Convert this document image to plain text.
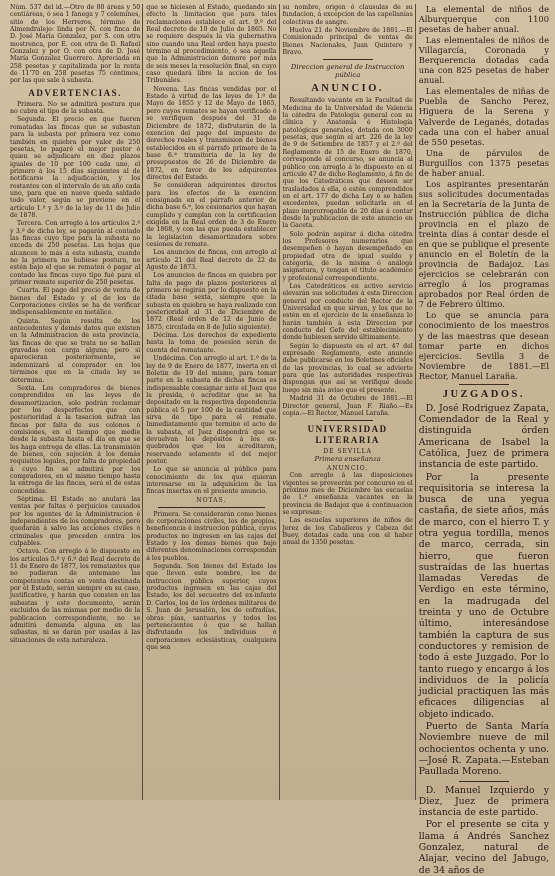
Núm. 537 del id.—Otro de 80 áreas y 50 centiáreas, ó sea 1 fanega y 7 celemines, sitio de los Herreros, término de Almendralejo: linda por N. con finca de D. José María Gonzalez, por S. con otra mostrenca, por E. con otra de D. Rafael Gonzalez y por O. con otra de D. José María Gonzalez Guerrero. Apreciada en 258 pesetas y capitalizada por la renta de 11'70 en 258 pesetas 75 céntimos, por las que sale á subasta.

ADVERTENCIAS.

Primera. No se admitirá postura que no cubra el tipo de la subasta.

Segunda. El precio en que fueren rematadas las fincas que se subastan para la subasta por primera vez como también en quiebra por valor de 250 pesetas, lo pagaré el mejor postor ó quien se adjudicare en diez plazos iguales de 10 por 100 cada uno, el primero á los 15 días siguientes al de notificarse la adjudicación, y los restantes con el intervalo de un año cada uno, para que en nueve queda saldado todo valor, según se previene en el artículo 1.º y 3.º de la ley de 11 de Julio de 1878.

Tercera. Con arreglo á los artículos 2.º y 3.º de dicha ley, se pagarán al contado las fincas cuyo tipo para la subasta no exceda de 250 pesetas. Las hojas que alcancen lo más á esta subasta, cuando no la primera no hubiese postura, no estén bajo el que se rematen ó pagar al contado las fincas cuyo tipo fué para el primer remate superior de 250 pesetas.

Cuarta. El pago del precio de venta de bienes del Estado y el de los de Corporaciones civiles se ha de verificar indispensablemente en metálico.

Quinta. Según resulta de los antecedentes y demás datos que existen en la Administracion de esta provincia, las fincas de que se trata no se hallan gravadas con carga alguna; pero si aparecieran posteriormente, se indemnizará al comprador en los términos que en la citada ley se determina.

Sexta. Los compradores de bienes comprendidos en las leyes de desamortizacion, solo podrán reclamar por los desperfectos que con posterioridad á la tasacion sufran las fincas por falta de sus colonos ó comisiones, en el tiempo que medie desde la subasta hasta el día en que se les haga entrega de ellas. La transmisión de bienes, con sujeción á los demás requisitos legales, por falta de propiedad á cuyo fin se admitirá por los compradores, en el mismo tiempo hasta la entrega de las fincas, será el de estas concedidas.

Séptima. El Estado no anulará las ventas por faltas ó perjuicios causados por los agentes de la Administracion é independientes de los compradores, pero quedarán á salvo las acciones civiles ó criminales que proceden contra los culpables.

Octava. Con arreglo á lo dispuesto en los artículos 5.º y 6.º del Real decreto de 11 de Enero de 1877, los rematantes que no pudieran de antemano las competentes contas en venta destinada por el Estado, serán siempre en su caso, justificativo, y harán que consten en las subastas y este documento, serán excluidos de las mismas por medio de la publicacion correspondiente, no se admitirá demanda alguna en las subastas, ni se darán por usadas á las situaciones de esta naturaleza.

que se hiciesen al Estado, quedando sin efecto la limitacion que para tales reclamaciones establece el art. 9.º del Real decreto de 10 de Julio de 1865. No se requiere después la vía gubernativa sino cuando una Real orden haya puesto término al procedimiento, ó sea aquella que la Administracion demore por más de seis meses la resolución final, en cuyo caso quedará libre la accion de los Tribunales.

Novena. Las fincas vendidas por el Estado á virtud de las leyes de 1.º de Mayo de 1855 y 12 de Mayo de 1865, pero cuyos remates se hayan verificado ó se verifiquen después del 31 de Diciembre de 1872, disfrutarán de la exencion del pago del impuesto de derechos reales y transmision de bienes establecidos en el párrafo primero de la base 6.ª transitoria de la ley de presupuestos de 26 de Diciembre de 1872, en favor de los adquirentes directos del Estado.

Se consideran adquirentes directos para los efectos de la exencion consignada en el párrafo anterior de dicha base 6.ª, los cesionarios que hayan cumplido y cumplan con la certificacion exigida en la Real orden de 3 de Enero de 1868, y con las que pueda establecer la legislacion desamortizadora sobre cesiones de remate.

Los anuncios de fincas, con arreglo al artículo 21 del Real decreto de 22 de Agosto de 1873.

Los anuncios de fincas en quiebra por falta de pago de plazos posteriores al primero se regirán por lo dispuesto en la citada base sexta, siempre que la subasta en quiebra se haya realizado con posterioridad al 31 de Diciembre de 1872 (Real órden de 12 de Junio de 1875, circulada en 8 de Julio siguiente).

Décima. Los derechos de expediente hasta la toma de posesion serán de cuenta del rematante.

Undécima. Con arreglo al art. 1.º de la ley de 9 de Enero de 1877, inserta en el Boletin de 19 del mismo, para tomar parte en la subasta de dichas fincas es indispensable consignar ante el Juez que la presida, ó acreditar que se ha depositado en la respectiva dependencia pública el 5 por 100 de la cantidad que sirva de tipo para el remate. Inmediatamente que termine el acto de la subasta, el Juez dispondrá que se devuelvan los depósitos á los ex-quebrados que los acreditaron, reservando solamente el del mejor postor.

Lo que se anuncia al público para conocimiento de los que quieran interesarse en la adquisicion de las fincas insertas en el presente anuncio.

NOTAS.

Primera. Se considerarán como bienes de corporaciones civiles, los de propios, beneficencia é instruccion pública, cuyos productos no ingresen en las cajas del Estado y los demás bienes que bajo diferentes denominaciones correspondan á los pueblos.

Segunda. Son bienes del Estado los que lleven este nombre, los de instruccion pública superior, cuyos productos ingresen en las cajas del Estado, los del secuestro del ex-infante D. Carlos, los de los órdenes militares de S. Juan de Jerusalén, los de cofradías, obras pías, santuarios y todos los pertenecientes ó que se hallan disfrutando los individuos ó corporaciones eclesiásticas, cualquiera que sea

su nombre, origen ó clausulas de su fundacion, á excepcion de las capellanías colectivas de sangre.

Huelva 21 de Noviembre de 1881.—El Comisionado principal de ventas de Bienes Nacionales, Juan Quintero y Bravo.

Direccion general de Instruccion pública
ANUNCIO.

Resultando vacante en la Facultad de Medicina de la Universidad de Valencia la cátedra de Patología general con su clínica y Anatomía é Histología patológicas generales, dotada con 3000 pesetas, que según el art. 226 de la ley de 9 de Setiembre de 1857 y el 2.º del Reglamento de 15 de Enero de 1870, corresponde al concurso, se anuncia al público con arreglo á lo dispuesto en el artículo 47 de dicho Reglamento, á fin de que los Catedráticos que deseen ser trasladados á ella, ó estén comprendidos en el art. 177 de dicha Ley ó se hallen excedentes, puedan solicitarla en el plazo improrrogable de 20 días á contar desde la publicacion de este anuncio en la Gaceta.

Solo podrán aspirar á dicha cátedra los Profesores numerarios que desempeñen ó hayan desempeñado en propiedad otra de igual sueldo y categoría, de la misma ó análoga asignatura, y tengan el título académico y profesional correspondiente.

Los Catedráticos en activo servicio elevarán sus solicitudes á esta Direccion general por conducto del Rector de la Universidad en que sirvan, y los que no estén en el ejercicio de la enseñanza lo harán también á esta Direccion por conducto del Gefe del establecimiento donde hubiesen servido últimamente.

Según lo dispuesto en el art. 47 del expresado Reglamento, este anuncio debe publicarse en los Boletines oficiales de las provincias, lo cual se advierte para que las autoridades respectivas dispongan que así se verifique desde luego sin más aviso que el presente.

Madrid 31 de Octubre de 1881.—El Director general, Juan F. Riaño.—Es copia.—El Rector, Manuel Laraña.

UNIVERSIDAD LITERARIA
DE SEVILLA
Primera enseñanza
ANUNCIO.

Con arreglo á las disposiciones vigentes se proveerán por concurso en el próximo mes de Diciembre las escuelas de 1.ª enseñanza vacantes en la provincia de Badajoz que á continuacion se expresan:

Las escuelas superiores de niños de Jerez de los Caballeros y Cabeza del Buey, dotadas cada una con el haber anual de 1350 pesetas.

La elemental de niños de Alburquerque con 1100 pesetas de haber anual.

Las elementales de niños de Villagarcía, Coronada y Berquerencia dotadas cada una con 825 pesetas de haber anual.

Las elementales de niñas de Puebla de Sancho Perez, Higuera de la Serena y Valverde de Leganés, dotadas cada una con el haber anual de 550 pesetas.

Una de párvulos de Burguillos con 1375 pesetas de haber anual.

Los aspirantes presentarán sus solicitudes documentadas en la Secretaría de la Junta de Instrucción pública de dicha provincia en el plazo de treinta días á contar desde el en que se publique el presente anuncio en el Boletín de la provincia de Badajoz. Las ejercicios se celebrarán con arreglo á los programas aprobados por Real órden de 7 de Febrero último.

Lo que se anuncia para conocimiento de los maestros y de las maestras que desean tomar parte en dichos ejercicios. Sevilla 3 de Noviembre de 1881.—El Rector, Manuel Laraña.

JUZGADOS.

D. José Rodriguez Zapata, Comendador de la Real y distinguida órden Americana de Isabel la Católica, Juez de primera instancia de este partido.

Por la presente requisitoria se interesa la busca de una yegua castaña, de siete años, más de marco, con el hierro T. y otra yegua tordilla, menos de marco, cerrada, sin hierro, que fueron sustraídas de las huertas llamadas Veredas de Verdigo en este término, en la madrugada del treinta y uno de Octubre último, interesándose también la captura de sus conductores y remision de todo á este Juzgado. Por lo tanto ruego y encargo á los individuos de la policía judicial practiquen las más eficaces diligencias al objeto indicado.

Puerto de Santa María Noviembre nueve de mil ochocientos ochenta y uno.—José R. Zapata.—Esteban Paullada Moreno.

D. Manuel Izquierdo y Diez, Juez de primera instancia de este partido.

Por el presente se cita y llama á Andrés Sanchez Gonzalez, natural de Alajar, vecino del Jabugo, de 34 años de
